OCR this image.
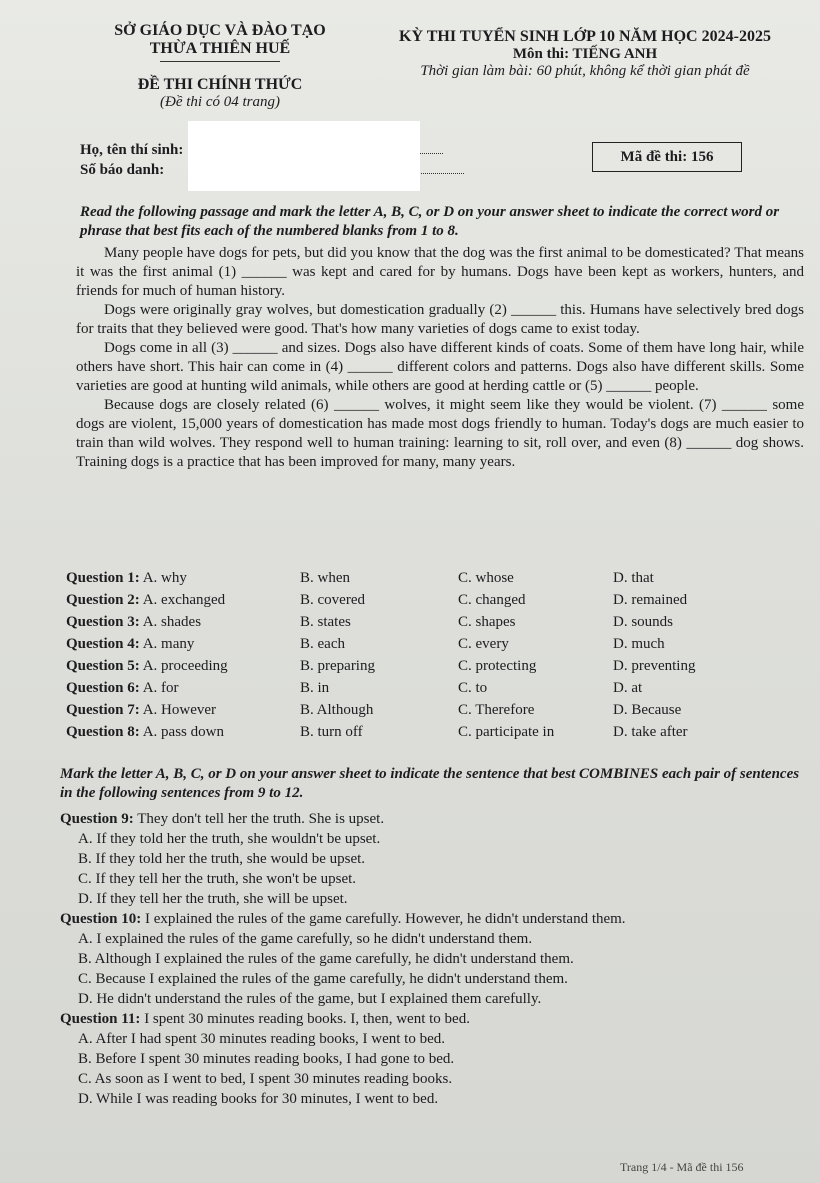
SỞ GIÁO DỤC VÀ ĐÀO TẠO
THỪA THIÊN HUẾ
ĐỀ THI CHÍNH THỨC
(Đề thi có 04 trang)
KỲ THI TUYỂN SINH LỚP 10 NĂM HỌC 2024-2025
Môn thi: TIẾNG ANH
Thời gian làm bài: 60 phút, không kể thời gian phát đề
Họ, tên thí sinh:
Số báo danh:
Mã đề thi: 156
Read the following passage and mark the letter A, B, C, or D on your answer sheet to indicate the correct word or phrase that best fits each of the numbered blanks from 1 to 8.

Many people have dogs for pets, but did you know that the dog was the first animal to be domesticated? That means it was the first animal (1) ______ was kept and cared for by humans. Dogs have been kept as workers, hunters, and friends for much of human history.

Dogs were originally gray wolves, but domestication gradually (2) ______ this. Humans have selectively bred dogs for traits that they believed were good. That's how many varieties of dogs came to exist today.

Dogs come in all (3) ______ and sizes. Dogs also have different kinds of coats. Some of them have long hair, while others have short. This hair can come in (4) ______ different colors and patterns. Dogs also have different skills. Some varieties are good at hunting wild animals, while others are good at herding cattle or (5) ______ people.

Because dogs are closely related (6) ______ wolves, it might seem like they would be violent. (7) ______ some dogs are violent, 15,000 years of domestication has made most dogs friendly to human. Today's dogs are much easier to train than wild wolves. They respond well to human training: learning to sit, roll over, and even (8) ______ dog shows. Training dogs is a practice that has been improved for many, many years.

Question 1: A. why	B. when	C. whose	D. that
Question 2: A. exchanged	B. covered	C. changed	D. remained
Question 3: A. shades	B. states	C. shapes	D. sounds
Question 4: A. many	B. each	C. every	D. much
Question 5: A. proceeding	B. preparing	C. protecting	D. preventing
Question 6: A. for	B. in	C. to	D. at
Question 7: A. However	B. Although	C. Therefore	D. Because
Question 8: A. pass down	B. turn off	C. participate in	D. take after
Mark the letter A, B, C, or D on your answer sheet to indicate the sentence that best COMBINES each pair of sentences in the following sentences from 9 to 12.
Question 9: They don't tell her the truth. She is upset.
A. If they told her the truth, she wouldn't be upset.
B. If they told her the truth, she would be upset.
C. If they tell her the truth, she won't be upset.
D. If they tell her the truth, she will be upset.
Question 10: I explained the rules of the game carefully. However, he didn't understand them.
A. I explained the rules of the game carefully, so he didn't understand them.
B. Although I explained the rules of the game carefully, he didn't understand them.
C. Because I explained the rules of the game carefully, he didn't understand them.
D. He didn't understand the rules of the game, but I explained them carefully.
Question 11: I spent 30 minutes reading books. I, then, went to bed.
A. After I had spent 30 minutes reading books, I went to bed.
B. Before I spent 30 minutes reading books, I had gone to bed.
C. As soon as I went to bed, I spent 30 minutes reading books.
D. While I was reading books for 30 minutes, I went to bed.
Trang 1/4 - Mã đề thi 156
